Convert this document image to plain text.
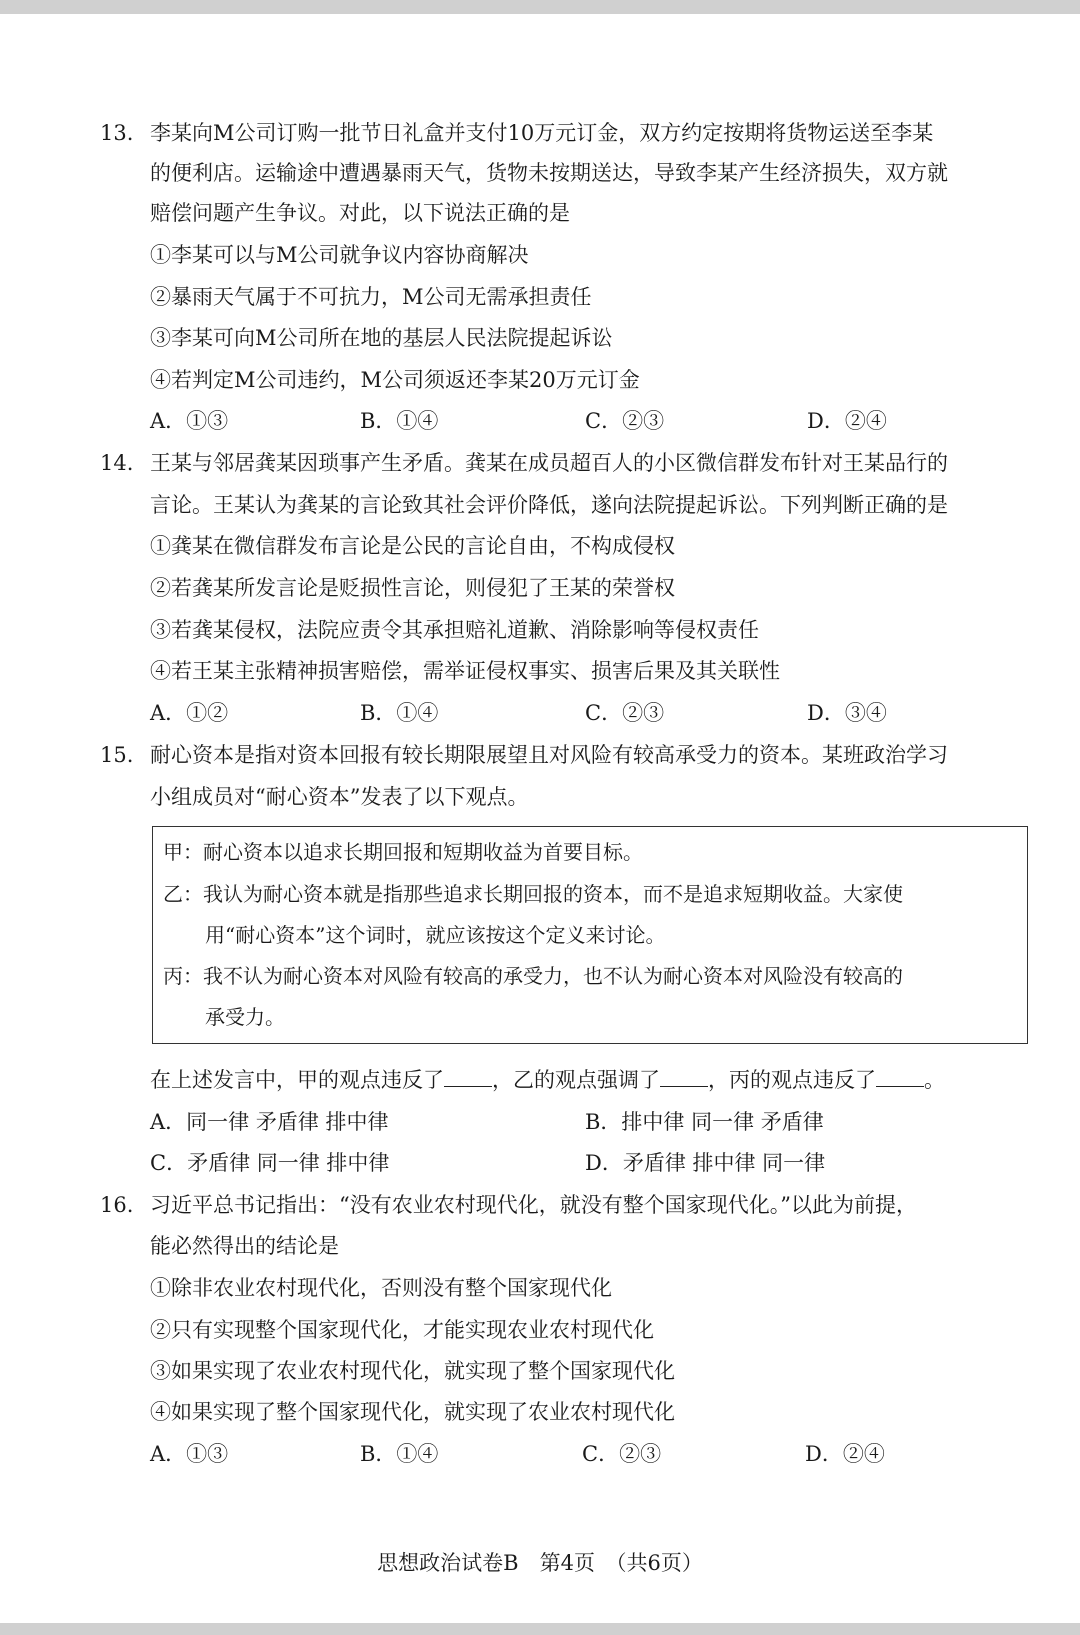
13. 李某向M公司订购一批节日礼盒并支付10万元订金，双方约定按期将货物运送至李某
的便利店。运输途中遭遇暴雨天气，货物未按期送达，导致李某产生经济损失，双方就
赔偿问题产生争议。对此，以下说法正确的是
①李某可以与M公司就争议内容协商解决
②暴雨天气属于不可抗力，M公司无需承担责任
③李某可向M公司所在地的基层人民法院提起诉讼
④若判定M公司违约，M公司须返还李某20万元订金
A．①③	B．①④	C．②③	D．②④
14. 王某与邻居龚某因琐事产生矛盾。龚某在成员超百人的小区微信群发布针对王某品行的
言论。王某认为龚某的言论致其社会评价降低，遂向法院提起诉讼。下列判断正确的是
①龚某在微信群发布言论是公民的言论自由，不构成侵权
②若龚某所发言论是贬损性言论，则侵犯了王某的荣誉权
③若龚某侵权，法院应责令其承担赔礼道歉、消除影响等侵权责任
④若王某主张精神损害赔偿，需举证侵权事实、损害后果及其关联性
A．①②	B．①④	C．②③	D．③④
15. 耐心资本是指对资本回报有较长期限展望且对风险有较高承受力的资本。某班政治学习
小组成员对“耐心资本”发表了以下观点。
甲：耐心资本以追求长期回报和短期收益为首要目标。
乙：我认为耐心资本就是指那些追求长期回报的资本，而不是追求短期收益。大家使
用“耐心资本”这个词时，就应该按这个定义来讨论。
丙：我不认为耐心资本对风险有较高的承受力，也不认为耐心资本对风险没有较高的
承受力。
在上述发言中，甲的观点违反了 ，乙的观点强调了 ，丙的观点违反了 。
A．同一律 矛盾律 排中律	B．排中律 同一律 矛盾律
C．矛盾律 同一律 排中律	D．矛盾律 排中律 同一律
16. 习近平总书记指出：“没有农业农村现代化，就没有整个国家现代化。”以此为前提，
能必然得出的结论是
①除非农业农村现代化，否则没有整个国家现代化
②只有实现整个国家现代化，才能实现农业农村现代化
③如果实现了农业农村现代化，就实现了整个国家现代化
④如果实现了整个国家现代化，就实现了农业农村现代化
A．①③	B．①④	C．②③	D．②④
思想政治试卷B　第4页　（共6页）
